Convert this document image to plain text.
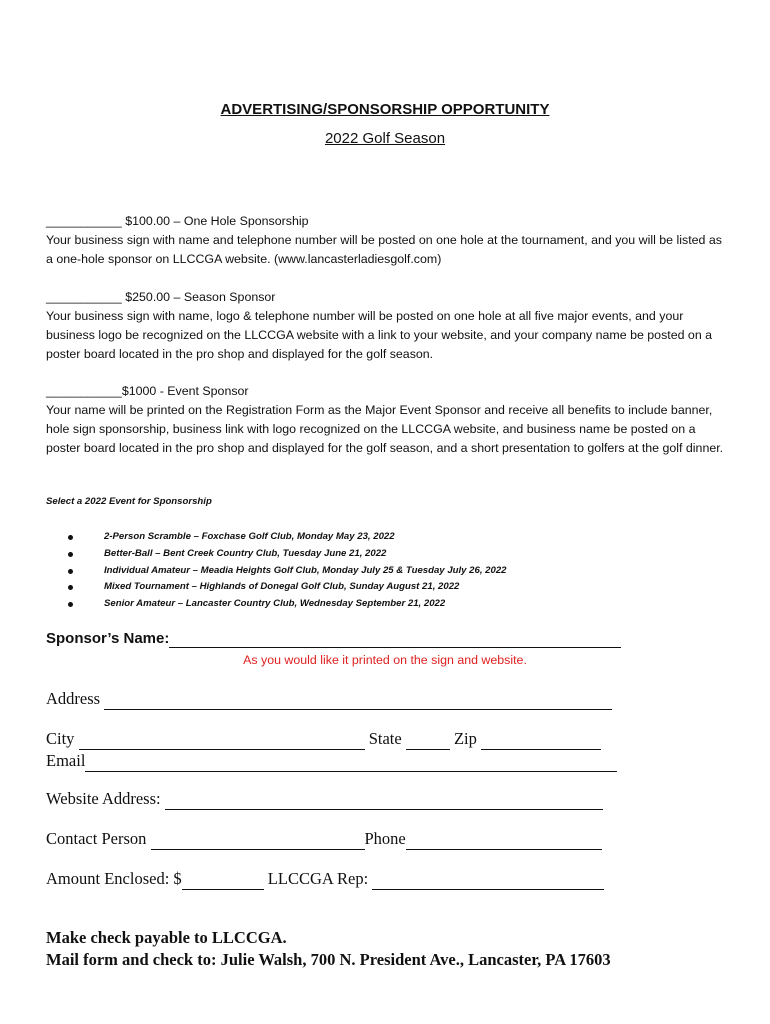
ADVERTISING/SPONSORSHIP OPPORTUNITY
2022 Golf Season
___________ $100.00 – One Hole Sponsorship
Your business sign with name and telephone number will be posted on one hole at the tournament, and you will be listed as a one-hole sponsor on LLCCGA website. (www.lancasterladiesgolf.com)
___________ $250.00 – Season Sponsor
Your business sign with name, logo & telephone number will be posted on one hole at all five major events, and your business logo be recognized on the LLCCGA website with a link to your website, and your company name be posted on a poster board located in the pro shop and displayed for the golf season.
___________$1000 - Event Sponsor
Your name will be printed on the Registration Form as the Major Event Sponsor and receive all benefits to include banner, hole sign sponsorship, business link with logo recognized on the LLCCGA website, and business name be posted on a poster board located in the pro shop and displayed for the golf season, and a short presentation to golfers at the golf dinner.
Select a 2022 Event for Sponsorship
2-Person Scramble – Foxchase Golf Club, Monday May 23, 2022
Better-Ball – Bent Creek Country Club, Tuesday June 21, 2022
Individual Amateur – Meadia Heights Golf Club, Monday July 25 & Tuesday July 26, 2022
Mixed Tournament – Highlands of Donegal Golf Club, Sunday August 21, 2022
Senior Amateur – Lancaster Country Club, Wednesday September 21, 2022
Sponsor’s Name:
As you would like it printed on the sign and website.
Address
City	State	Zip
Email
Website Address:
Contact Person	Phone
Amount Enclosed: $	LLCCGA Rep:
Make check payable to LLCCGA.
Mail form and check to: Julie Walsh, 700 N. President Ave., Lancaster, PA 17603
